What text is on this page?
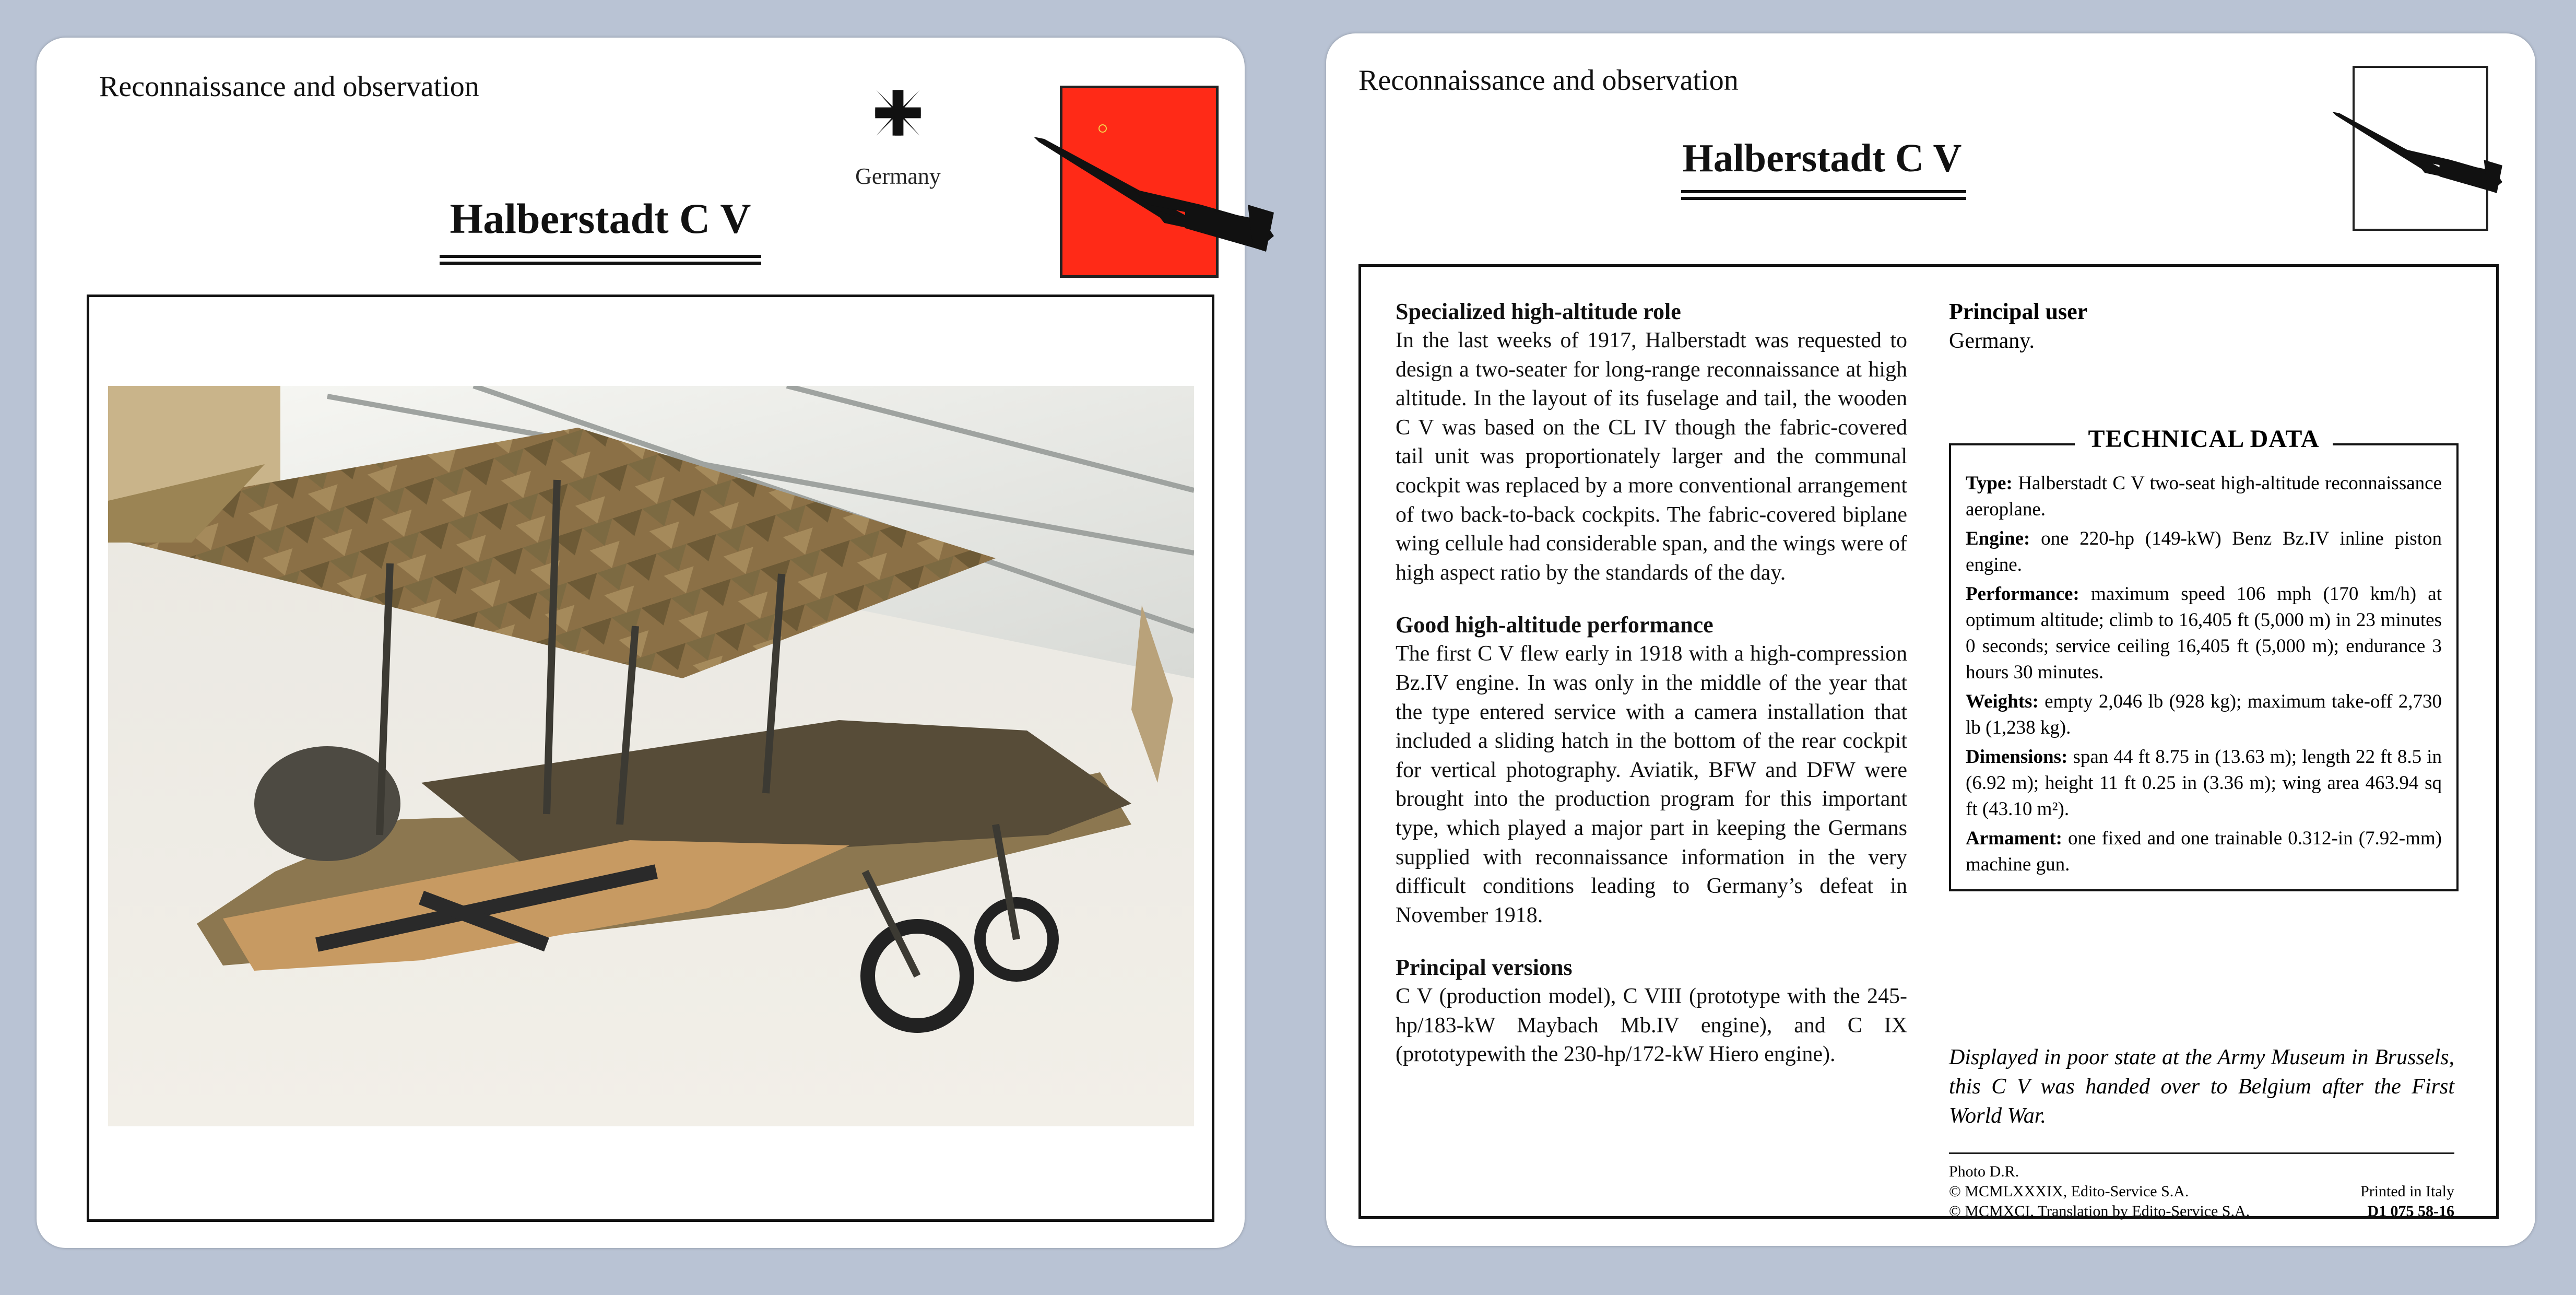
Reconnaissance and observation
Germany
Halberstadt C V
Reconnaissance and observation
Halberstadt C V
Specialized high-altitude role

In the last weeks of 1917, Halberstadt was requested to design a two-seater for long-range reconnaissance at high altitude. In the layout of its fuselage and tail, the wooden C V was based on the CL IV though the fabric-covered tail unit was proportionately larger and the communal cockpit was replaced by a more conventional arrangement of two back-to-back cockpits. The fabric-covered biplane wing cellule had considerable span, and the wings were of high aspect ratio by the standards of the day.

Good high-altitude performance

The first C V flew early in 1918 with a high-compression Bz.IV engine. In was only in the middle of the year that the type entered service with a camera installation that included a sliding hatch in the bottom of the rear cockpit for vertical photography. Aviatik, BFW and DFW were brought into the production program for this important type, which played a major part in keeping the Germans supplied with reconnaissance information in the very difficult conditions leading to Germany’s defeat in November 1918.

Principal versions

C V (production model), C VIII (prototype with the 245-hp/183-kW Maybach Mb.IV engine), and C IX (prototypewith the 230-hp/172-kW Hiero engine).

Principal user

Germany.

TECHNICAL DATA

Type: Halberstadt C V two-seat high-altitude reconnaissance aeroplane.

Engine: one 220-hp (149-kW) Benz Bz.IV inline piston engine.

Performance: maximum speed 106 mph (170 km/h) at optimum altitude; climb to 16,405 ft (5,000 m) in 23 minutes 0 seconds; service ceiling 16,405 ft (5,000 m); endurance 3 hours 30 minutes.

Weights: empty 2,046 lb (928 kg); maximum take-off 2,730 lb (1,238 kg).

Dimensions: span 44 ft 8.75 in (13.63 m); length 22 ft 8.5 in (6.92 m); height 11 ft 0.25 in (3.36 m); wing area 463.94 sq ft (43.10 m²).

Armament: one fixed and one trainable 0.312-in (7.92-mm) machine gun.

Displayed in poor state at the Army Museum in Brussels, this C V was handed over to Belgium after the First World War.
Photo D.R.
© MCMLXXXIX, Edito-Service S.A.
© MCMXCI, Translation by Edito-Service S.A.
Printed in Italy
D1 075 58-16
